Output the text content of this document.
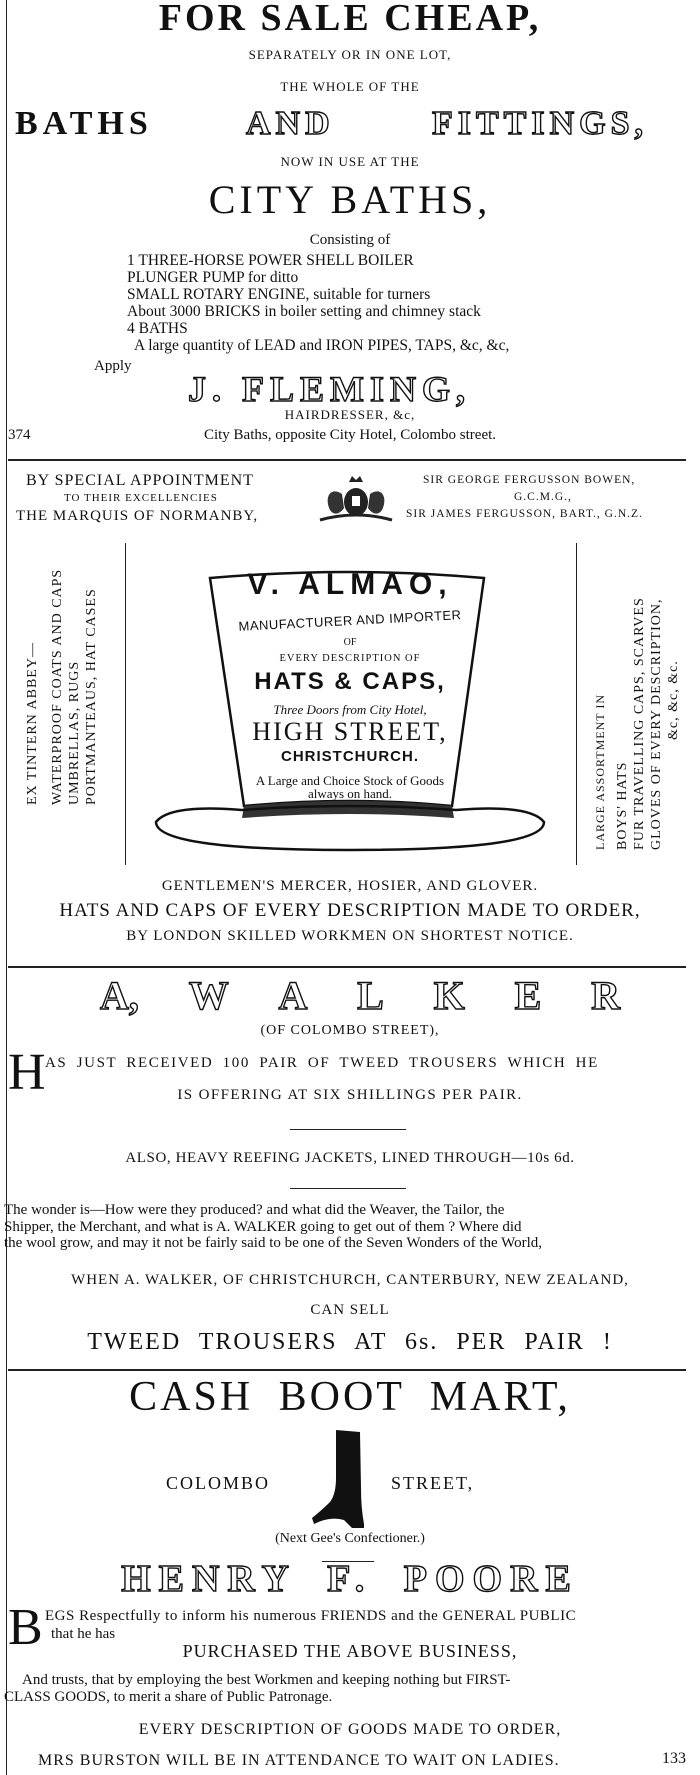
FOR SALE CHEAP,
SEPARATELY OR IN ONE LOT,
THE WHOLE OF THE
BATHS	AND	FITTINGS,
NOW IN USE AT THE
CITY BATHS,
Consisting of
1 THREE-HORSE POWER SHELL BOILER
PLUNGER PUMP for ditto
SMALL ROTARY ENGINE, suitable for turners
About 3000 BRICKS in boiler setting and chimney stack
4 BATHS
A large quantity of LEAD and IRON PIPES, TAPS, &c, &c,
Apply
J. FLEMING,
HAIRDRESSER, &c,
374	City Baths, opposite City Hotel, Colombo street.
BY SPECIAL APPOINTMENT
TO THEIR EXCELLENCIES
THE MARQUIS OF NORMANBY,
SIR GEORGE FERGUSSON BOWEN,
G.C.M.G.,
SIR JAMES FERGUSSON, BART., G.N.Z.
EX TINTERN ABBEY— WATERPROOF COATS AND CAPS UMBRELLAS, RUGS PORTMANTEAUS, HAT CASES
V. ALMAO,
MANUFACTURER AND IMPORTER
OF
EVERY DESCRIPTION OF
HATS & CAPS,
Three Doors from City Hotel,
HIGH STREET,
CHRISTCHURCH.
A Large and Choice Stock of Goods
always on hand.	LARGE ASSORTMENT IN BOYS' HATS FUR TRAVELLING CAPS, SCARVES GLOVES OF EVERY DESCRIPTION, &c, &c, &c.
GENTLEMEN'S MERCER, HOSIER, AND GLOVER.
HATS AND CAPS OF EVERY DESCRIPTION MADE TO ORDER,
BY LONDON SKILLED WORKMEN ON SHORTEST NOTICE.
A, W A L K E R
(OF COLOMBO STREET),
H AS JUST RECEIVED 100 PAIR OF TWEED TROUSERS WHICH HE
IS OFFERING AT SIX SHILLINGS PER PAIR.
ALSO, HEAVY REEFING JACKETS, LINED THROUGH—10s 6d.
The wonder is—How were they produced? and what did the Weaver, the Tailor, the
Shipper, the Merchant, and what is A. WALKER going to get out of them ? Where did
the wool grow, and may it not be fairly said to be one of the Seven Wonders of the World,
WHEN A. WALKER, OF CHRISTCHURCH, CANTERBURY, NEW ZEALAND,
CAN SELL
TWEED TROUSERS AT 6s. PER PAIR !
CASH BOOT MART,
COLOMBO	STREET,
(Next Gee's Confectioner.)
HENRY F. POORE
B EGS Respectfully to inform his numerous FRIENDS and the GENERAL PUBLIC
that he has
PURCHASED THE ABOVE BUSINESS,
And trusts, that by employing the best Workmen and keeping nothing but FIRST-
CLASS GOODS, to merit a share of Public Patronage.
EVERY DESCRIPTION OF GOODS MADE TO ORDER,
MRS BURSTON WILL BE IN ATTENDANCE TO WAIT ON LADIES.	133
